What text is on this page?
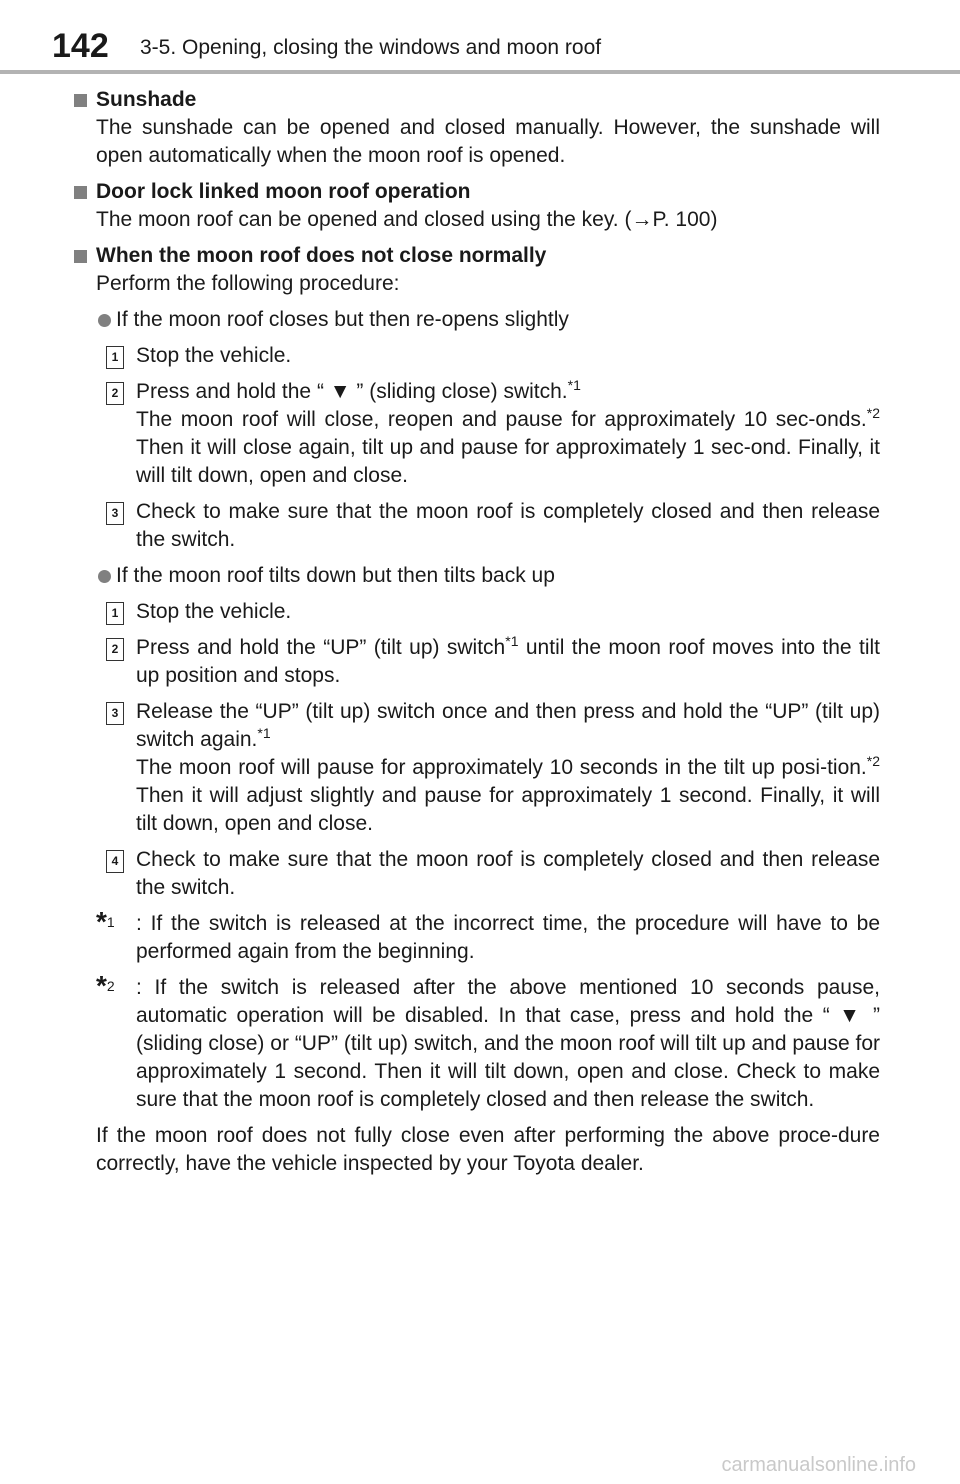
142 3-5. Opening, closing the windows and moon roof
Sunshade
The sunshade can be opened and closed manually. However, the sunshade will open automatically when the moon roof is opened.
Door lock linked moon roof operation
The moon roof can be opened and closed using the key. (→P. 100)
When the moon roof does not close normally
Perform the following procedure:
If the moon roof closes but then re-opens slightly
1 Stop the vehicle.
2 Press and hold the “ ▼ ” (sliding close) switch.$^{*1}$
The moon roof will close, reopen and pause for approximately 10 sec-onds.$^{*2}$ Then it will close again, tilt up and pause for approximately 1 sec-ond. Finally, it will tilt down, open and close.
3 Check to make sure that the moon roof is completely closed and then release the switch.
If the moon roof tilts down but then tilts back up
1 Stop the vehicle.
2 Press and hold the “UP” (tilt up) switch$^{*1}$ until the moon roof moves into the tilt up position and stops.
3 Release the “UP” (tilt up) switch once and then press and hold the “UP” (tilt up) switch again.$^{*1}$
The moon roof will pause for approximately 10 seconds in the tilt up posi-tion.$^{*2}$ Then it will adjust slightly and pause for approximately 1 second. Finally, it will tilt down, open and close.
4 Check to make sure that the moon roof is completely closed and then release the switch.
*$^1$ : If the switch is released at the incorrect time, the procedure will have to be performed again from the beginning.
*$^2$ : If the switch is released after the above mentioned 10 seconds pause, automatic operation will be disabled. In that case, press and hold the “ ▼ ” (sliding close) or “UP” (tilt up) switch, and the moon roof will tilt up and pause for approximately 1 second. Then it will tilt down, open and close. Check to make sure that the moon roof is completely closed and then release the switch.
If the moon roof does not fully close even after performing the above proce-dure correctly, have the vehicle inspected by your Toyota dealer.
carmanualsonline.info
